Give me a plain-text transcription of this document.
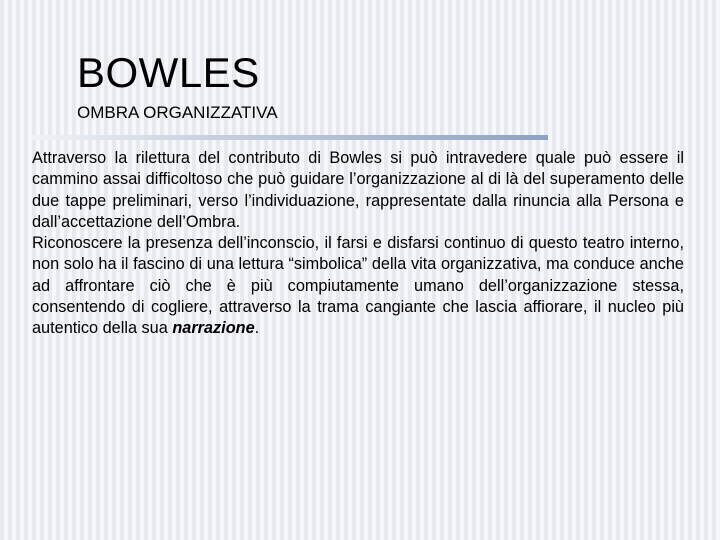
BOWLES
OMBRA ORGANIZZATIVA

Attraverso la rilettura del contributo di Bowles si può intravedere quale può essere il cammino assai difficoltoso che può guidare l’organizzazione al di là del superamento delle due tappe preliminari, verso l’individuazione, rappresentate dalla rinuncia alla Persona e dall’accettazione dell’Ombra.

Riconoscere la presenza dell’inconscio, il farsi e disfarsi continuo di questo teatro interno, non solo ha il fascino di una lettura “simbolica” della vita organizzativa, ma conduce anche ad affrontare ciò che è più compiutamente umano dell’organizzazione stessa, consentendo di cogliere, attraverso la trama cangiante che lascia affiorare, il nucleo più autentico della sua narrazione.
